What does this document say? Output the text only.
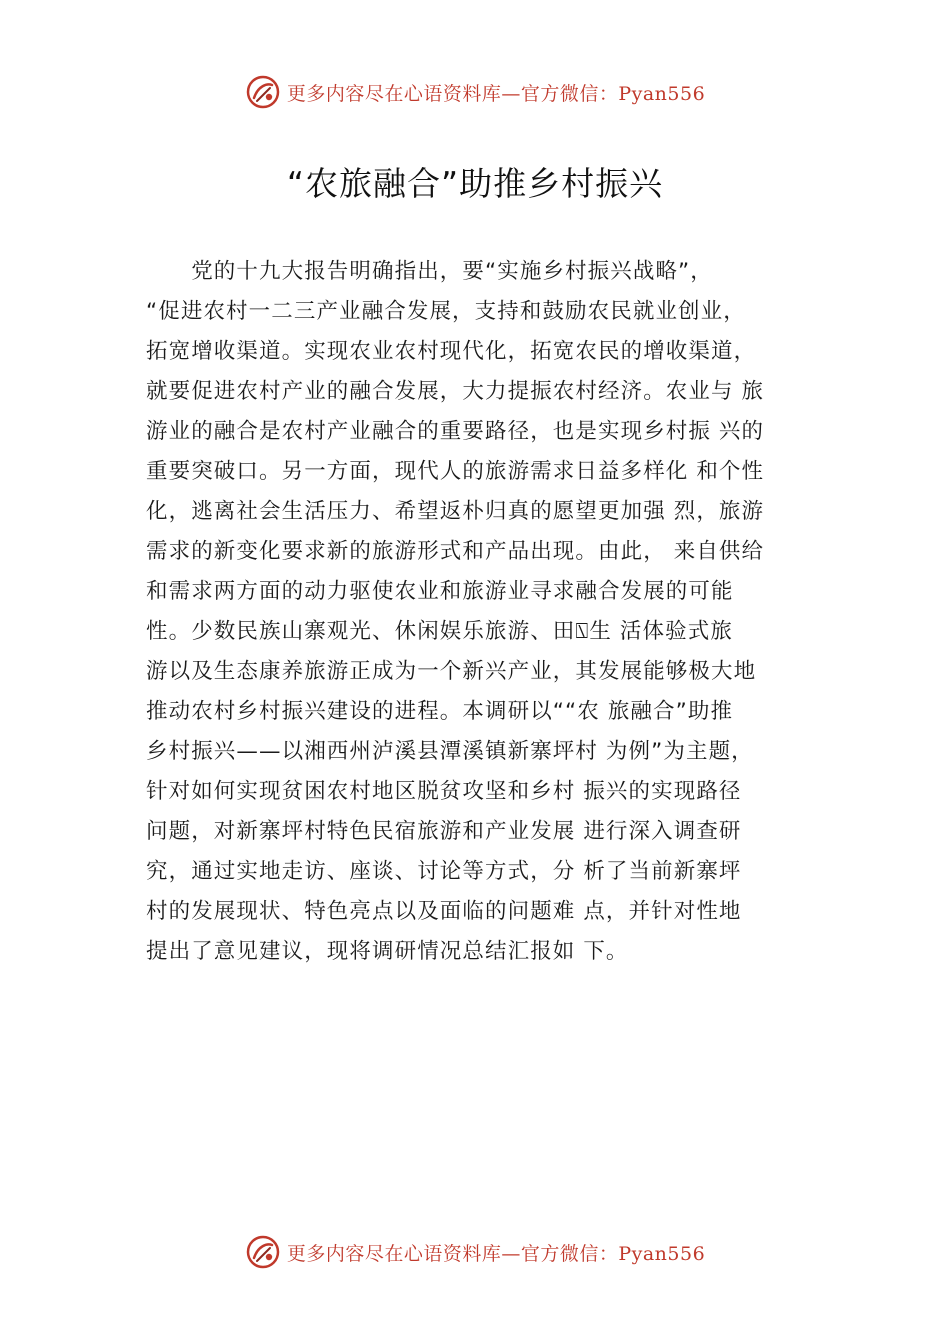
更多内容尽在心语资料库—官方微信：Pyan556
“农旅融合”助推乡村振兴
　　党的十九大报告明确指出，要“实施乡村振兴战略”，
“促进农村一二三产业融合发展，支持和鼓励农民就业创业，
拓宽增收渠道。实现农业农村现代化，拓宽农民的增收渠道，
就要促进农村产业的融合发展，大力提振农村经济。农业与 旅
游业的融合是农村产业融合的重要路径，也是实现乡村振 兴的
重要突破口。另一方面，现代人的旅游需求日益多样化 和个性
化，逃离社会生活压力、希望返朴归真的愿望更加强 烈，旅游
需求的新变化要求新的旅游形式和产品出现。由此， 来自供给
和需求两方面的动力驱使农业和旅游业寻求融合发展的可能
性。少数民族山寨观光、休闲娱乐旅游、田⍂生 活体验式旅
游以及生态康养旅游正成为一个新兴产业，其发展能够极大地
推动农村乡村振兴建设的进程。本调研以““农 旅融合”助推
乡村振兴——以湘西州泸溪县潭溪镇新寨坪村 为例”为主题，
针对如何实现贫困农村地区脱贫攻坚和乡村 振兴的实现路径
问题，对新寨坪村特色民宿旅游和产业发展 进行深入调查研
究，通过实地走访、座谈、讨论等方式，分 析了当前新寨坪
村的发展现状、特色亮点以及面临的问题难 点，并针对性地
提出了意见建议，现将调研情况总结汇报如 下。
更多内容尽在心语资料库—官方微信：Pyan556
